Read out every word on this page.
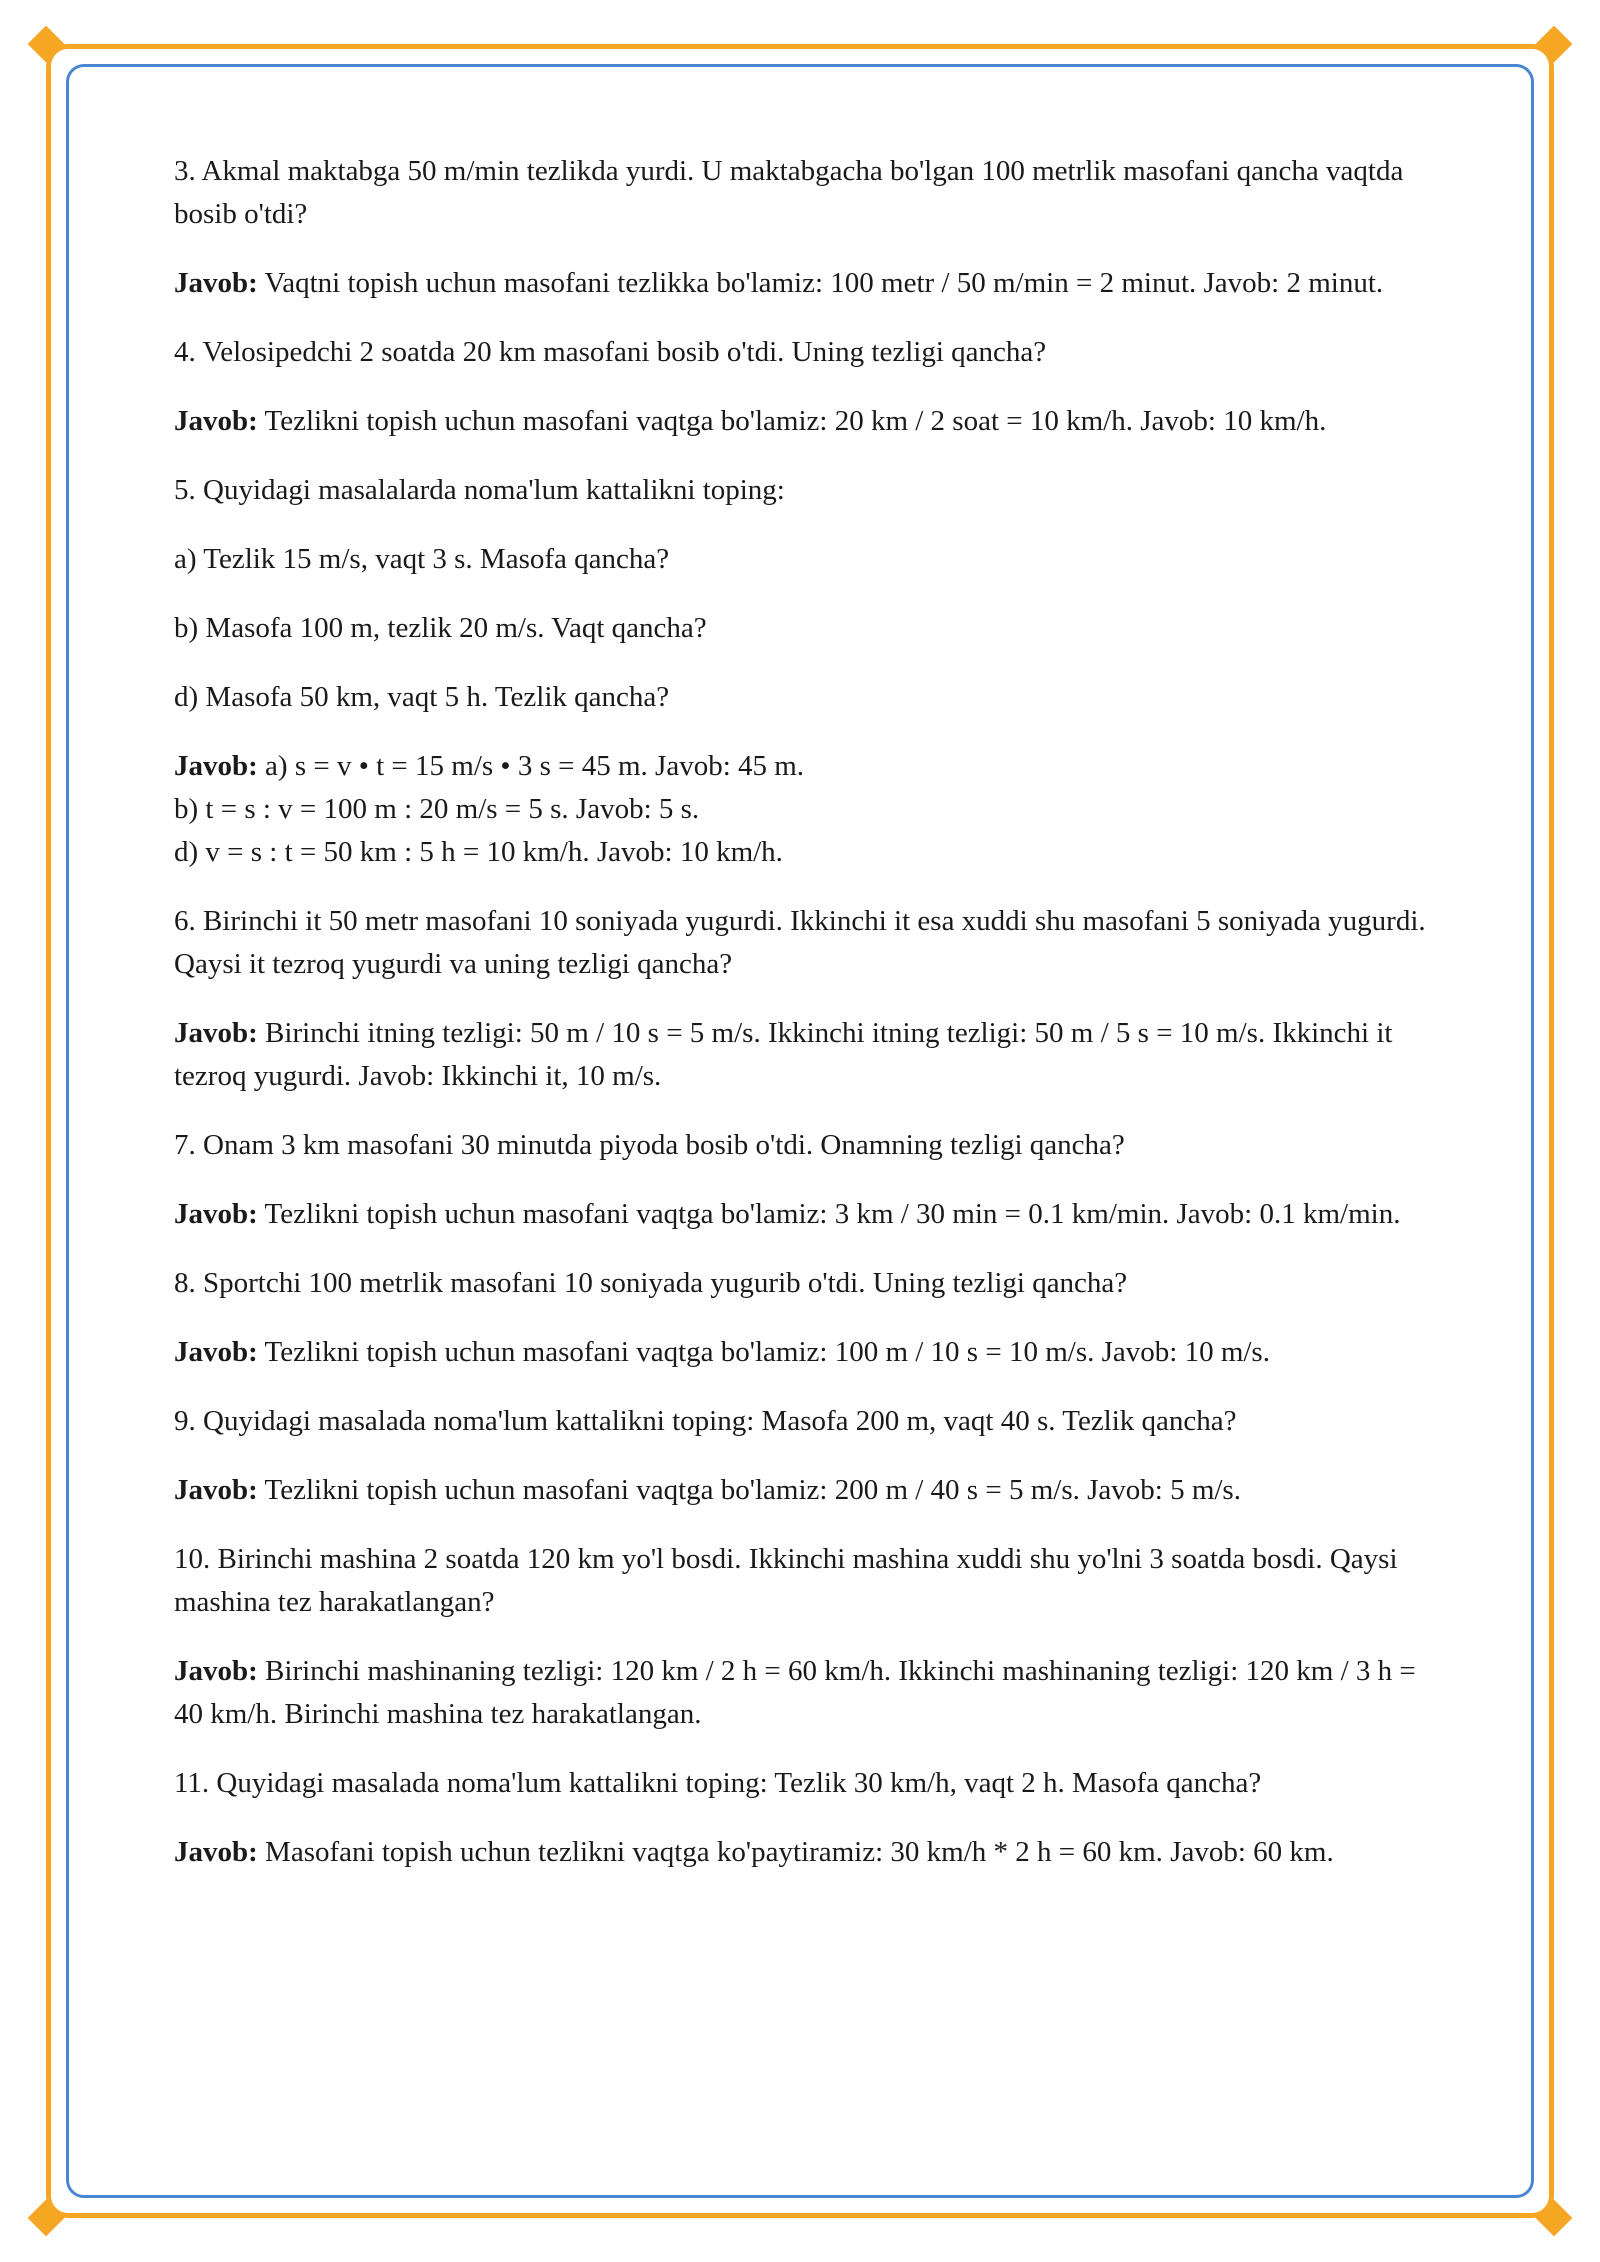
3. Akmal maktabga 50 m/min tezlikda yurdi. U maktabgacha bo'lgan 100 metrlik masofani qancha vaqtda bosib o'tdi?

Javob: Vaqtni topish uchun masofani tezlikka bo'lamiz: 100 metr / 50 m/min = 2 minut. Javob: 2 minut.

4. Velosipedchi 2 soatda 20 km masofani bosib o'tdi. Uning tezligi qancha?

Javob: Tezlikni topish uchun masofani vaqtga bo'lamiz: 20 km / 2 soat = 10 km/h. Javob: 10 km/h.

5. Quyidagi masalalarda noma'lum kattalikni toping:

a) Tezlik 15 m/s, vaqt 3 s. Masofa qancha?

b) Masofa 100 m, tezlik 20 m/s. Vaqt qancha?

d) Masofa 50 km, vaqt 5 h. Tezlik qancha?

Javob: a) s = v • t = 15 m/s • 3 s = 45 m. Javob: 45 m.
b) t = s : v = 100 m : 20 m/s = 5 s. Javob: 5 s.
d) v = s : t = 50 km : 5 h = 10 km/h. Javob: 10 km/h.

6. Birinchi it 50 metr masofani 10 soniyada yugurdi. Ikkinchi it esa xuddi shu masofani 5 soniyada yugurdi. Qaysi it tezroq yugurdi va uning tezligi qancha?

Javob: Birinchi itning tezligi: 50 m / 10 s = 5 m/s. Ikkinchi itning tezligi: 50 m / 5 s = 10 m/s. Ikkinchi it tezroq yugurdi. Javob: Ikkinchi it, 10 m/s.

7. Onam 3 km masofani 30 minutda piyoda bosib o'tdi. Onamning tezligi qancha?

Javob: Tezlikni topish uchun masofani vaqtga bo'lamiz: 3 km / 30 min = 0.1 km/min. Javob: 0.1 km/min.

8. Sportchi 100 metrlik masofani 10 soniyada yugurib o'tdi. Uning tezligi qancha?

Javob: Tezlikni topish uchun masofani vaqtga bo'lamiz: 100 m / 10 s = 10 m/s. Javob: 10 m/s.

9. Quyidagi masalada noma'lum kattalikni toping: Masofa 200 m, vaqt 40 s. Tezlik qancha?

Javob: Tezlikni topish uchun masofani vaqtga bo'lamiz: 200 m / 40 s = 5 m/s. Javob: 5 m/s.

10. Birinchi mashina 2 soatda 120 km yo'l bosdi. Ikkinchi mashina xuddi shu yo'lni 3 soatda bosdi. Qaysi mashina tez harakatlangan?

Javob: Birinchi mashinaning tezligi: 120 km / 2 h = 60 km/h. Ikkinchi mashinaning tezligi: 120 km / 3 h = 40 km/h. Birinchi mashina tez harakatlangan.

11. Quyidagi masalada noma'lum kattalikni toping: Tezlik 30 km/h, vaqt 2 h. Masofa qancha?

Javob: Masofani topish uchun tezlikni vaqtga ko'paytiramiz: 30 km/h * 2 h = 60 km. Javob: 60 km.
